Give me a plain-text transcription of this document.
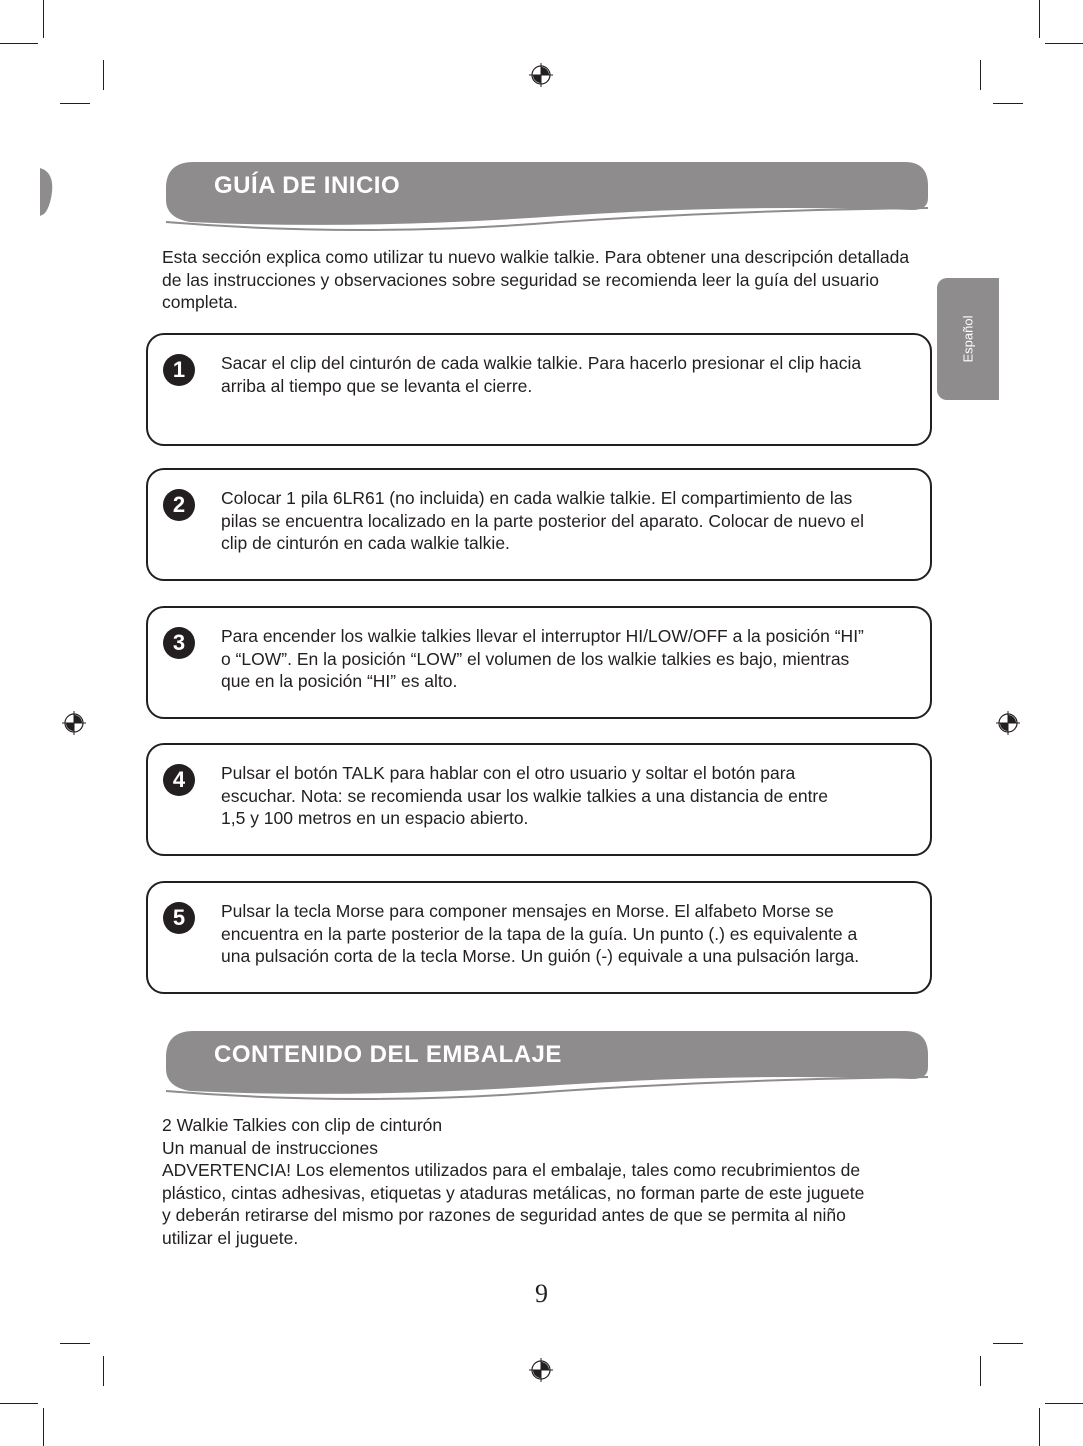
Español
GUÍA DE INICIO
Esta sección explica como utilizar tu nuevo walkie talkie. Para obtener una descripción detallada de las instrucciones y observaciones sobre seguridad se recomienda leer la guía del usuario completa.
1	Sacar el clip del cinturón de cada walkie talkie. Para hacerlo presionar el clip hacia
arriba al tiempo que se levanta el cierre.
2	Colocar 1 pila 6LR61 (no incluida) en cada walkie talkie. El compartimiento de las
pilas se encuentra localizado en la parte posterior del aparato. Colocar de nuevo el
clip de cinturón en cada walkie talkie.
3	Para encender los walkie talkies llevar el interruptor HI/LOW/OFF a la posición “HI”
o “LOW”. En la posición “LOW” el volumen de los walkie talkies es bajo, mientras
que en la posición “HI” es alto.
4	Pulsar el botón TALK para hablar con el otro usuario y soltar el botón para
escuchar. Nota: se recomienda usar los walkie talkies a una distancia de entre
1,5 y 100 metros en un espacio abierto.
5	Pulsar la tecla Morse para componer mensajes en Morse. El alfabeto Morse se
encuentra en la parte posterior de la tapa de la guía. Un punto (.) es equivalente a
una pulsación corta de la tecla Morse. Un guión (-) equivale a una pulsación larga.
CONTENIDO DEL EMBALAJE
2 Walkie Talkies con clip de cinturón
Un manual de instrucciones
ADVERTENCIA! Los elementos utilizados para el embalaje, tales como recubrimientos de
plástico, cintas adhesivas, etiquetas y ataduras metálicas, no forman parte de este juguete
y deberán retirarse del mismo por razones de seguridad antes de que se permita al niño
utilizar el juguete.
9
